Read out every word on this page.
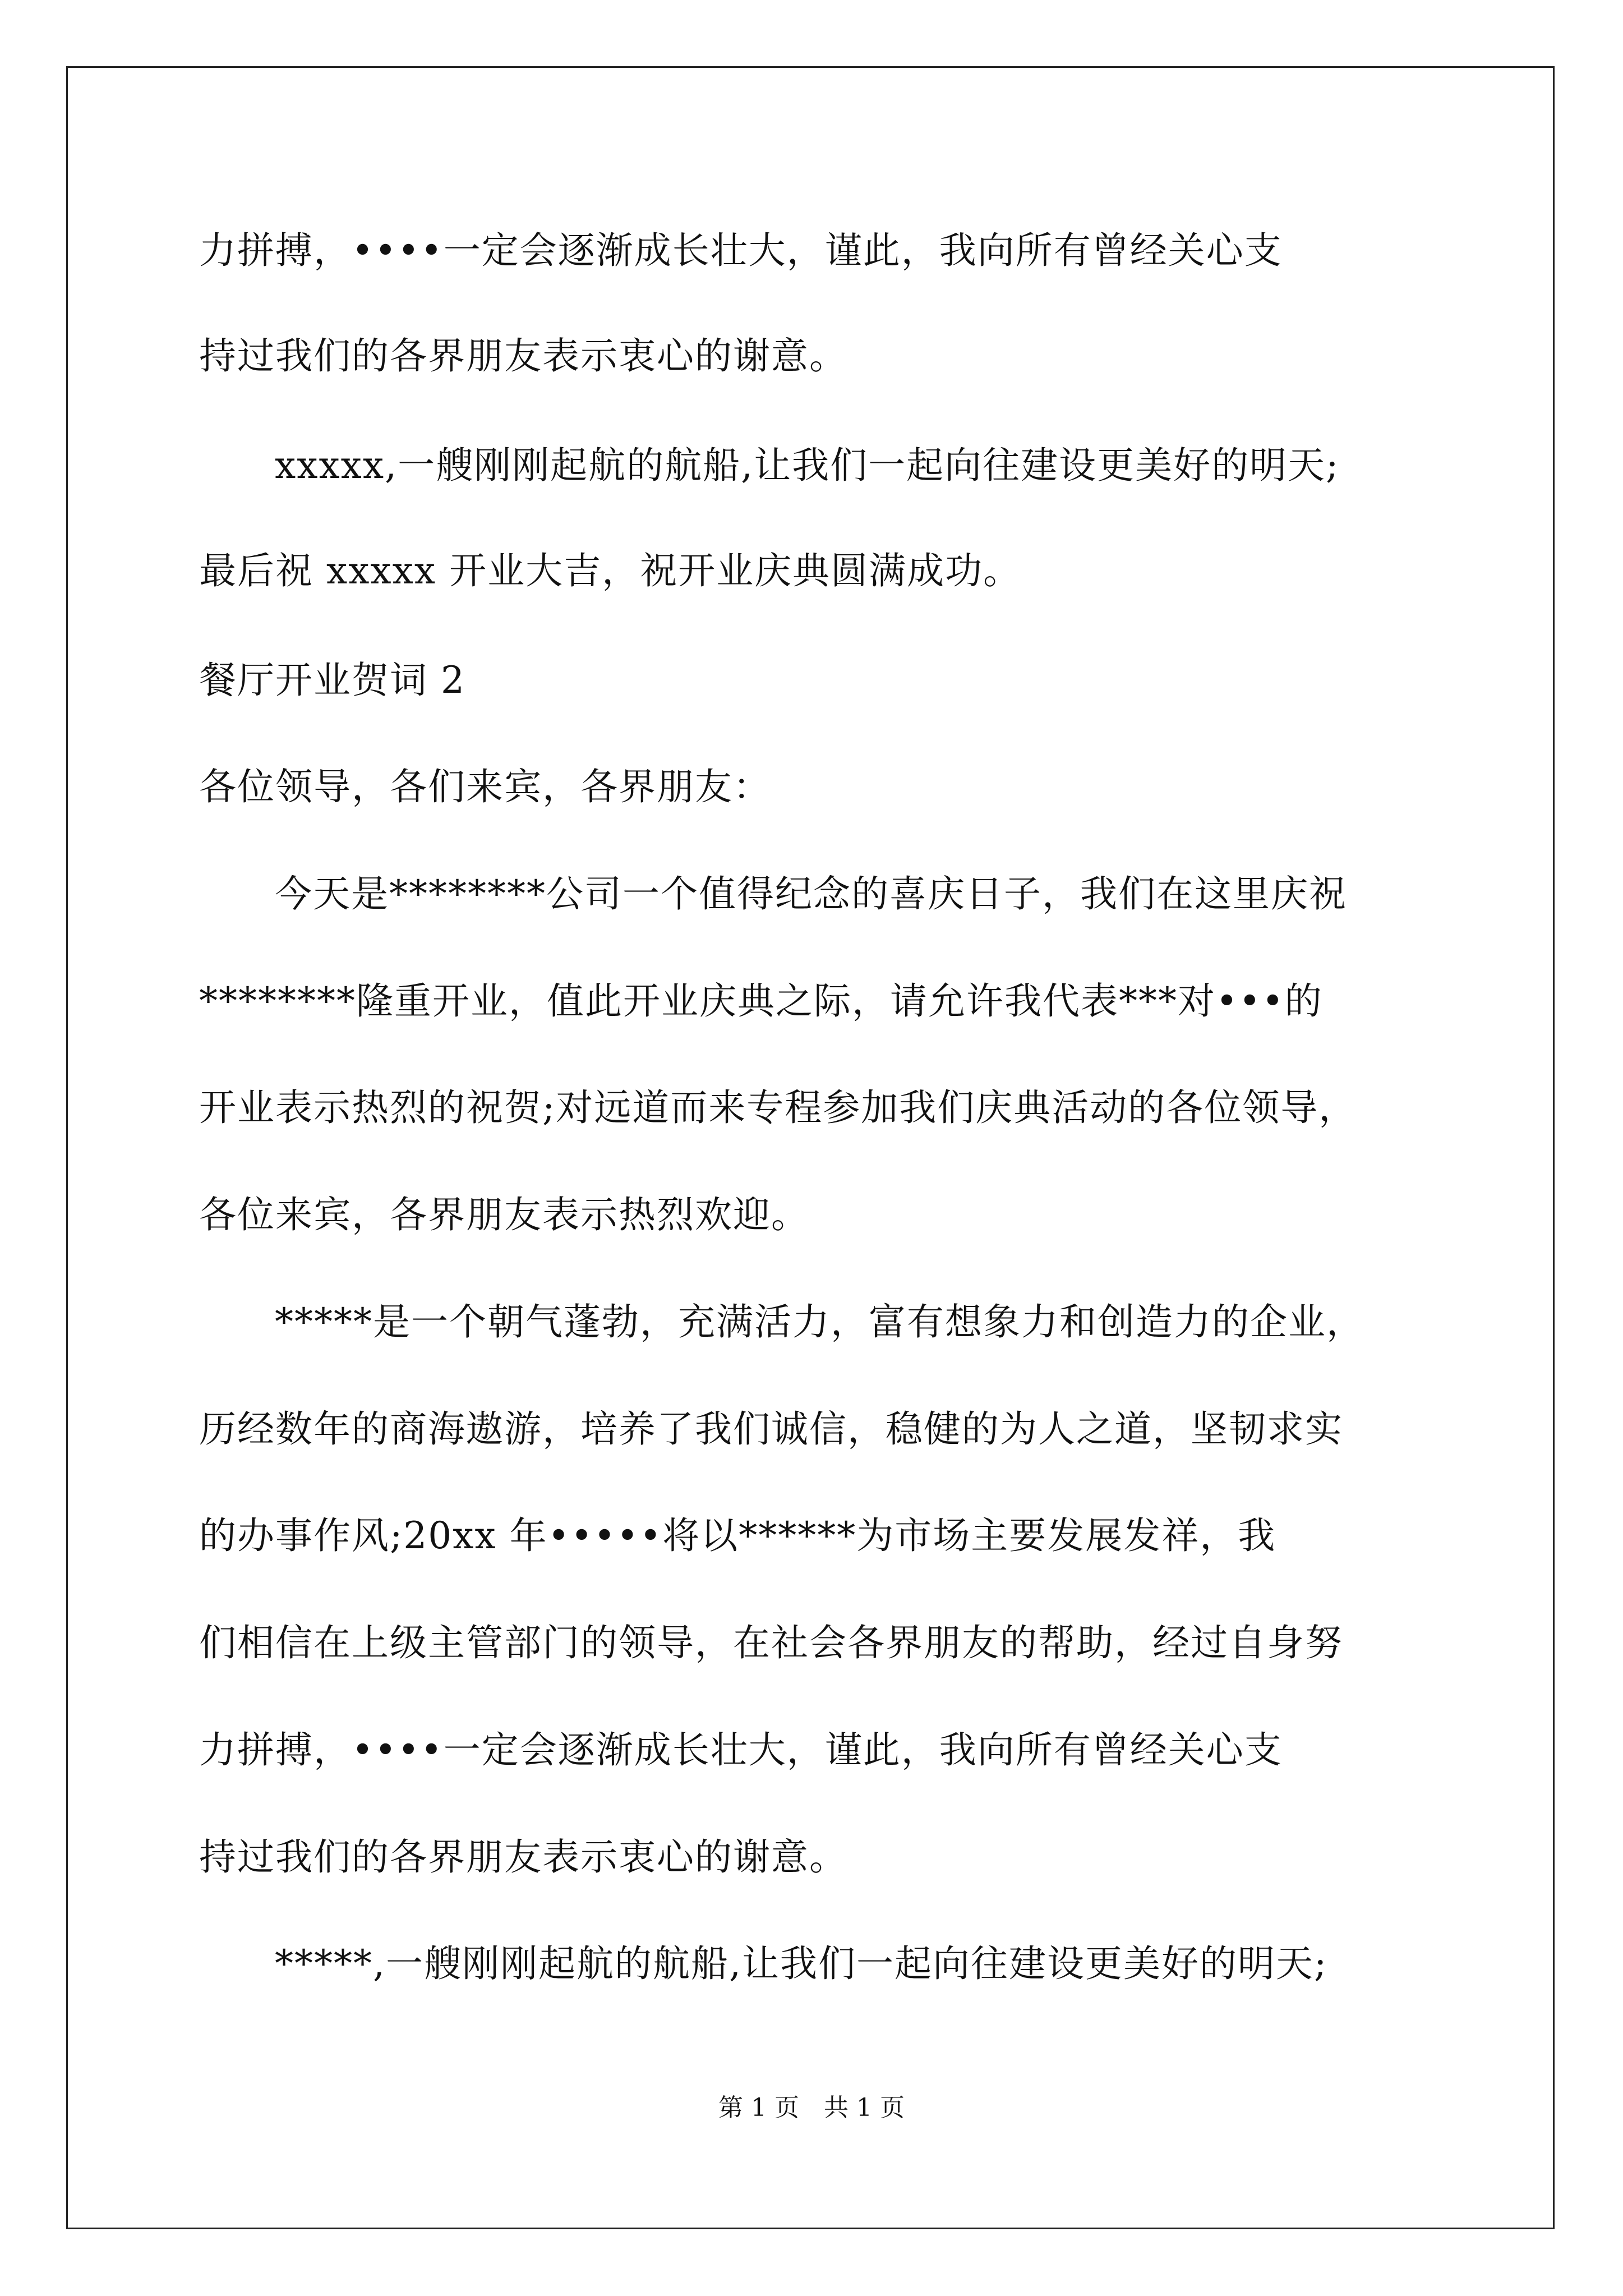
力拼搏，••••一定会逐渐成长壮大，谨此，我向所有曾经关心支
持过我们的各界朋友表示衷心的谢意。
xxxxx,一艘刚刚起航的航船,让我们一起向往建设更美好的明天;
最后祝 xxxxx 开业大吉，祝开业庆典圆满成功。
餐厅开业贺词 2
各位领导，各们来宾，各界朋友：
今天是********公司一个值得纪念的喜庆日子，我们在这里庆祝
********隆重开业，值此开业庆典之际，请允许我代表***对•••的
开业表示热烈的祝贺;对远道而来专程参加我们庆典活动的各位领导，
各位来宾，各界朋友表示热烈欢迎。
*****是一个朝气蓬勃，充满活力，富有想象力和创造力的企业，
历经数年的商海遨游，培养了我们诚信，稳健的为人之道，坚韧求实
的办事作风;20xx 年•••••将以******为市场主要发展发祥，我
们相信在上级主管部门的领导，在社会各界朋友的帮助，经过自身努
力拼搏，••••一定会逐渐成长壮大，谨此，我向所有曾经关心支
持过我们的各界朋友表示衷心的谢意。
*****,一艘刚刚起航的航船,让我们一起向往建设更美好的明天;
第 1 页　共 1 页
